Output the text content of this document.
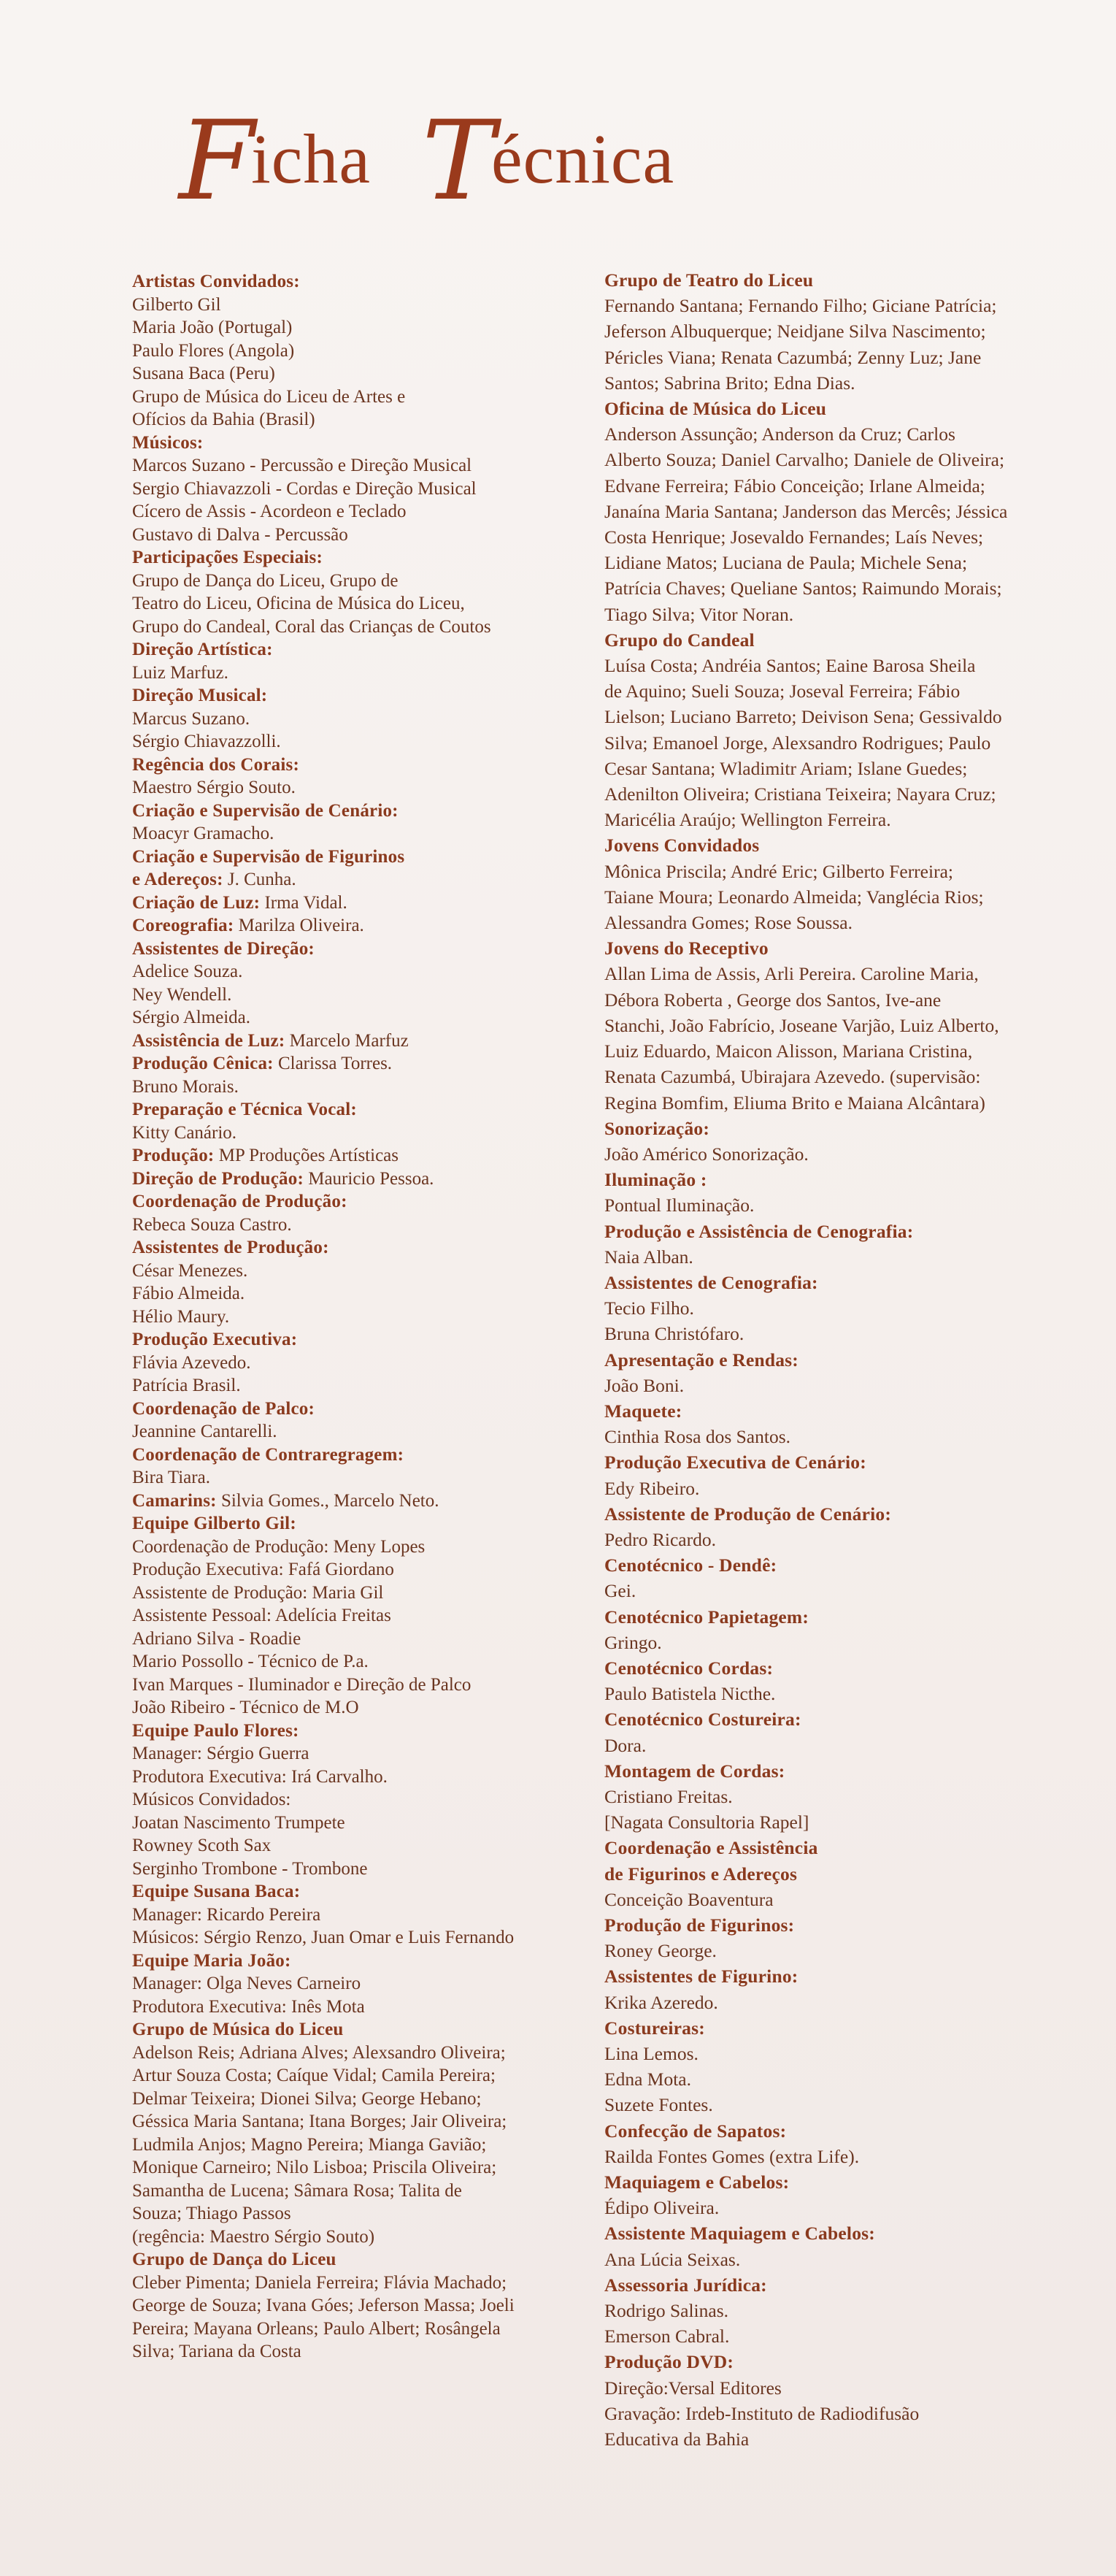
Ficha Técnica
Artistas Convidados:
Gilberto Gil
Maria João (Portugal)
Paulo Flores (Angola)
Susana Baca (Peru)
Grupo de Música do Liceu de Artes e
Ofícios da Bahia (Brasil)
Músicos:
Marcos Suzano - Percussão e Direção Musical
Sergio Chiavazzoli - Cordas e Direção Musical
Cícero de Assis - Acordeon e Teclado
Gustavo di Dalva - Percussão
Participações Especiais:
Grupo de Dança do Liceu, Grupo de
Teatro do Liceu, Oficina de Música do Liceu,
Grupo do Candeal, Coral das Crianças de Coutos
Direção Artística:
Luiz Marfuz.
Direção Musical:
Marcus Suzano.
Sérgio Chiavazzolli.
Regência dos Corais:
Maestro Sérgio Souto.
Criação e Supervisão de Cenário:
Moacyr Gramacho.
Criação e Supervisão de Figurinos
e Adereços: J. Cunha.
Criação de Luz: Irma Vidal.
Coreografia: Marilza Oliveira.
Assistentes de Direção:
Adelice Souza.
Ney Wendell.
Sérgio Almeida.
Assistência de Luz: Marcelo Marfuz
Produção Cênica: Clarissa Torres.
Bruno Morais.
Preparação e Técnica Vocal:
Kitty Canário.
Produção: MP Produções Artísticas
Direção de Produção: Mauricio Pessoa.
Coordenação de Produção:
Rebeca Souza Castro.
Assistentes de Produção:
César Menezes.
Fábio Almeida.
Hélio Maury.
Produção Executiva:
Flávia Azevedo.
Patrícia Brasil.
Coordenação de Palco:
Jeannine Cantarelli.
Coordenação de Contraregragem:
Bira Tiara.
Camarins: Silvia Gomes., Marcelo Neto.
Equipe Gilberto Gil:
Coordenação de Produção: Meny Lopes
Produção Executiva: Fafá Giordano
Assistente de Produção: Maria Gil
Assistente Pessoal: Adelícia Freitas
Adriano Silva - Roadie
Mario Possollo - Técnico de P.a.
Ivan Marques - Iluminador e Direção de Palco
João Ribeiro - Técnico de M.O
Equipe Paulo Flores:
Manager: Sérgio Guerra
Produtora Executiva: Irá Carvalho.
Músicos Convidados:
Joatan Nascimento Trumpete
Rowney Scoth Sax
Serginho Trombone - Trombone
Equipe Susana Baca:
Manager: Ricardo Pereira
Músicos: Sérgio Renzo, Juan Omar e Luis Fernando
Equipe Maria João:
Manager: Olga Neves Carneiro
Produtora Executiva: Inês Mota
Grupo de Música do Liceu
Adelson Reis; Adriana Alves; Alexsandro Oliveira;
Artur Souza Costa; Caíque Vidal; Camila Pereira;
Delmar Teixeira; Dionei Silva; George Hebano;
Géssica Maria Santana; Itana Borges; Jair Oliveira;
Ludmila Anjos; Magno Pereira; Mianga Gavião;
Monique Carneiro; Nilo Lisboa; Priscila Oliveira;
Samantha de Lucena; Sâmara Rosa; Talita de
Souza; Thiago Passos
(regência: Maestro Sérgio Souto)
Grupo de Dança do Liceu
Cleber Pimenta; Daniela Ferreira; Flávia Machado;
George de Souza; Ivana Góes; Jeferson Massa; Joeli
Pereira; Mayana Orleans; Paulo Albert; Rosângela
Silva; Tariana da Costa
Grupo de Teatro do Liceu
Fernando Santana; Fernando Filho; Giciane Patrícia;
Jeferson Albuquerque; Neidjane Silva Nascimento;
Péricles Viana; Renata Cazumbá; Zenny Luz; Jane
Santos; Sabrina Brito; Edna Dias.
Oficina de Música do Liceu
Anderson Assunção; Anderson da Cruz; Carlos
Alberto Souza; Daniel Carvalho; Daniele de Oliveira;
Edvane Ferreira; Fábio Conceição; Irlane Almeida;
Janaína Maria Santana; Janderson das Mercês; Jéssica
Costa Henrique; Josevaldo Fernandes; Laís Neves;
Lidiane Matos; Luciana de Paula; Michele Sena;
Patrícia Chaves; Queliane Santos; Raimundo Morais;
Tiago Silva; Vitor Noran.
Grupo do Candeal
Luísa Costa; Andréia Santos; Eaine Barosa Sheila
de Aquino; Sueli Souza; Joseval Ferreira; Fábio
Lielson; Luciano Barreto; Deivison Sena; Gessivaldo
Silva; Emanoel Jorge, Alexsandro Rodrigues; Paulo
Cesar Santana; Wladimitr Ariam; Islane Guedes;
Adenilton Oliveira; Cristiana Teixeira; Nayara Cruz;
Maricélia Araújo; Wellington Ferreira.
Jovens Convidados
Mônica Priscila; André Eric; Gilberto Ferreira;
Taiane Moura; Leonardo Almeida; Vanglécia Rios;
Alessandra Gomes; Rose Soussa.
Jovens do Receptivo
Allan Lima de Assis, Arli Pereira. Caroline Maria,
Débora Roberta , George dos Santos, Ive-ane
Stanchi, João Fabrício, Joseane Varjão, Luiz Alberto,
Luiz Eduardo, Maicon Alisson, Mariana Cristina,
Renata Cazumbá, Ubirajara Azevedo. (supervisão:
Regina Bomfim, Eliuma Brito e Maiana Alcântara)
Sonorização:
João Américo Sonorização.
Iluminação :
Pontual Iluminação.
Produção e Assistência de Cenografia:
Naia Alban.
Assistentes de Cenografia:
Tecio Filho.
Bruna Christófaro.
Apresentação e Rendas:
João Boni.
Maquete:
Cinthia Rosa dos Santos.
Produção Executiva de Cenário:
Edy Ribeiro.
Assistente de Produção de Cenário:
Pedro Ricardo.
Cenotécnico - Dendê:
Gei.
Cenotécnico Papietagem:
Gringo.
Cenotécnico Cordas:
Paulo Batistela Nicthe.
Cenotécnico Costureira:
Dora.
Montagem de Cordas:
Cristiano Freitas.
[Nagata Consultoria Rapel]
Coordenação e Assistência
de Figurinos e Adereços
Conceição Boaventura
Produção de Figurinos:
Roney George.
Assistentes de Figurino:
Krika Azeredo.
Costureiras:
Lina Lemos.
Edna Mota.
Suzete Fontes.
Confecção de Sapatos:
Railda Fontes Gomes (extra Life).
Maquiagem e Cabelos:
Édipo Oliveira.
Assistente Maquiagem e Cabelos:
Ana Lúcia Seixas.
Assessoria Jurídica:
Rodrigo Salinas.
Emerson Cabral.
Produção DVD:
Direção:Versal Editores
Gravação: Irdeb-Instituto de Radiodifusão
Educativa da Bahia
